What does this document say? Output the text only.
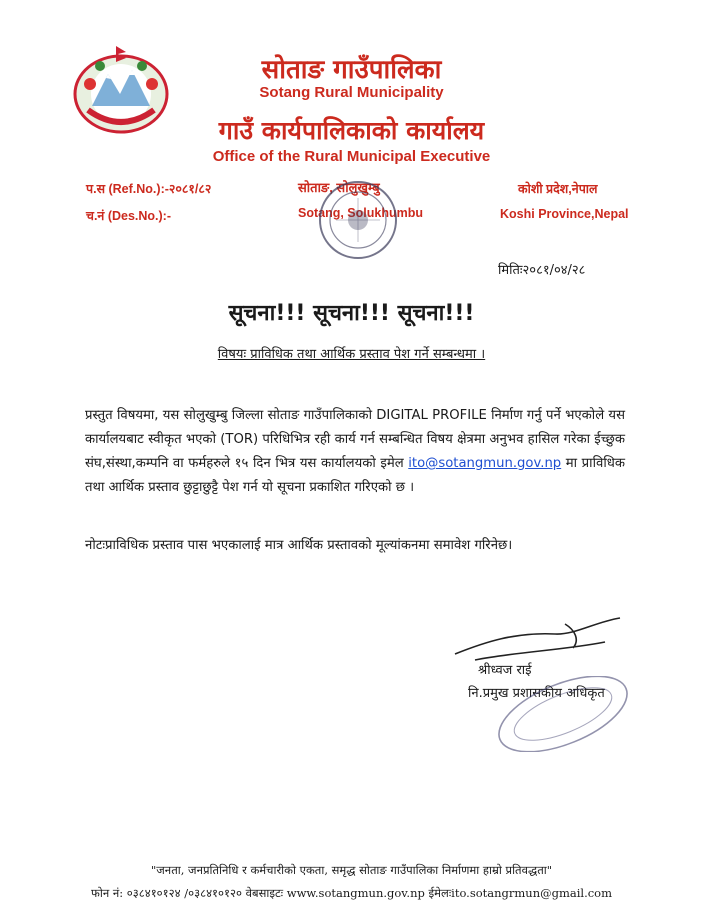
सोताङ गाउँपालिका
Sotang Rural Municipality
गाउँ कार्यपालिकाको कार्यालय
Office of the Rural Municipal Executive
प.स (Ref.No.):-२०८१/८२
च.नं (Des.No.):-
सोताङ, सोलुखुम्बु
Sotang, Solukhumbu
कोशी प्रदेश,नेपाल
Koshi Province,Nepal
मितिः२०८१/०४/२८
सूचना!!! सूचना!!! सूचना!!!
विषयः प्राविधिक तथा आर्थिक प्रस्ताव पेश गर्ने सम्बन्धमा ।
प्रस्तुत विषयमा, यस सोलुखुम्बु जिल्ला सोताङ गाउँपालिकाको DIGITAL PROFILE निर्माण गर्नु पर्ने भएकोले यस कार्यालयबाट स्वीकृत भएको (TOR) परिधिभित्र रही कार्य गर्न सम्बन्धित विषय क्षेत्रमा अनुभव हासिल गरेका ईच्छुक संघ,संस्था,कम्पनि वा फर्महरुले १५ दिन भित्र यस कार्यालयको इमेल ito@sotangmun.gov.np मा प्राविधिक तथा आर्थिक प्रस्ताव छुट्टाछुट्टै पेश गर्न यो सूचना प्रकाशित गरिएको छ ।
नोटःप्राविधिक प्रस्ताव पास भएकालाई मात्र आर्थिक प्रस्तावको मूल्यांकनमा समावेश गरिनेछ।
श्रीध्वज राई
नि.प्रमुख प्रशासकीय अधिकृत
"जनता, जनप्रतिनिधि र कर्मचारीको एकता, समृद्ध सोताङ गाउँपालिका निर्माणमा हाम्रो प्रतिवद्धता"
फोन नं: ०३८४१०१२४ /०३८४१०१२० वेबसाइटः www.sotangmun.gov.np ईमेलःito.sotangrmun@gmail.com
